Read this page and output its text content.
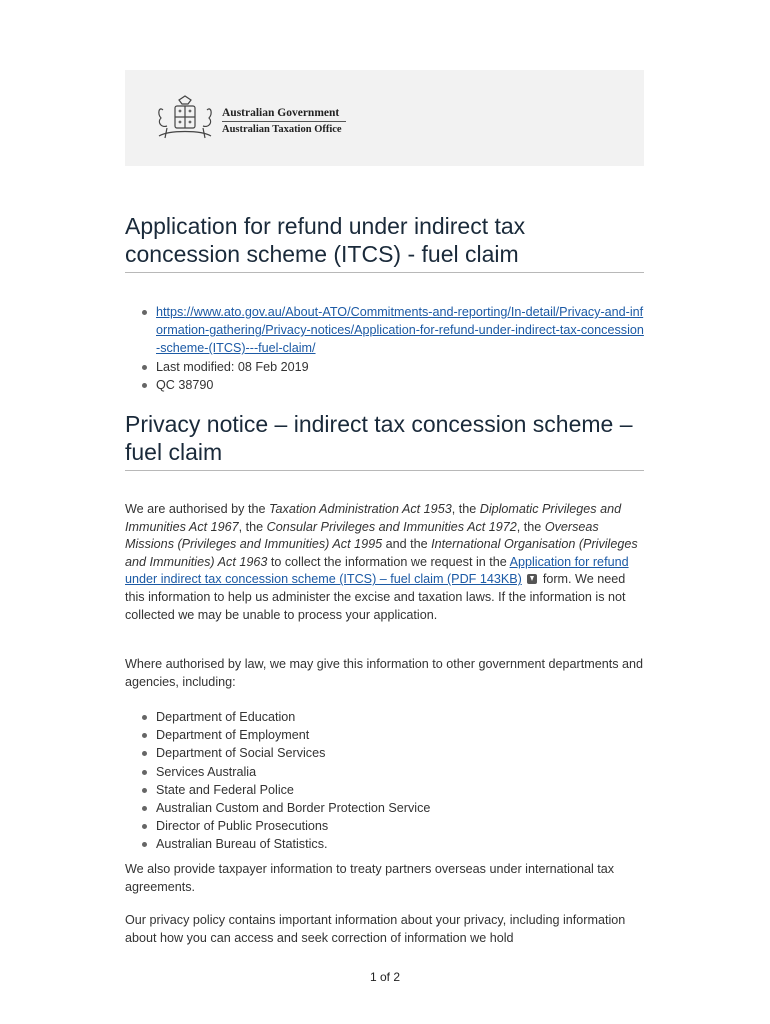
Australian Government
Australian Taxation Office
Application for refund under indirect tax concession scheme (ITCS) - fuel claim
https://www.ato.gov.au/About-ATO/Commitments-and-reporting/In-detail/Privacy-and-information-gathering/Privacy-notices/Application-for-refund-under-indirect-tax-concession-scheme-(ITCS)---fuel-claim/
Last modified: 08 Feb 2019
QC 38790
Privacy notice – indirect tax concession scheme – fuel claim

We are authorised by the Taxation Administration Act 1953, the Diplomatic Privileges and Immunities Act 1967, the Consular Privileges and Immunities Act 1972, the Overseas Missions (Privileges and Immunities) Act 1995 and the International Organisation (Privileges and Immunities) Act 1963 to collect the information we request in the Application for refund under indirect tax concession scheme (ITCS) – fuel claim (PDF 143KB) form. We need this information to help us administer the excise and taxation laws. If the information is not collected we may be unable to process your application.

Where authorised by law, we may give this information to other government departments and agencies, including:

Department of Education
Department of Employment
Department of Social Services
Services Australia
State and Federal Police
Australian Custom and Border Protection Service
Director of Public Prosecutions
Australian Bureau of Statistics.

We also provide taxpayer information to treaty partners overseas under international tax agreements.

Our privacy policy contains important information about your privacy, including information about how you can access and seek correction of information we hold

1 of 2
